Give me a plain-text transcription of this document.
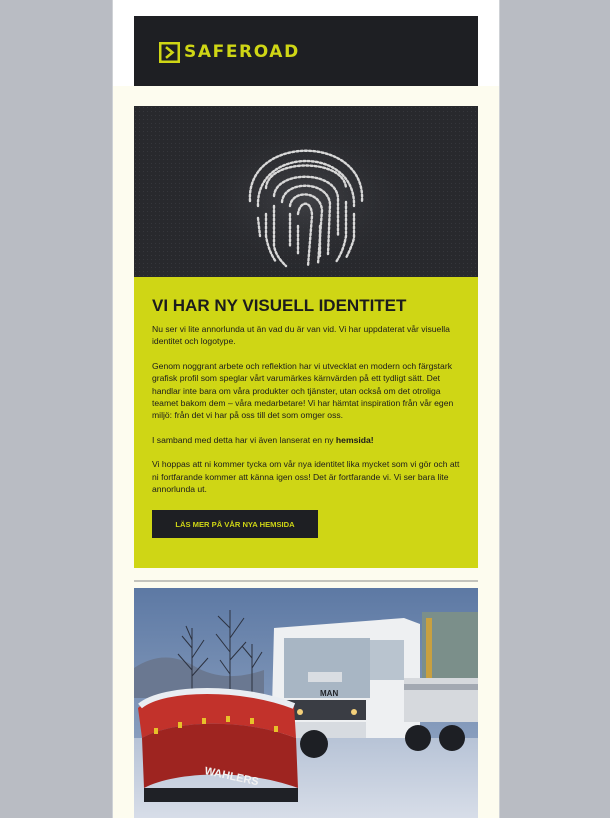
SAFEROAD
VI HAR NY VISUELL IDENTITET

Nu ser vi lite annorlunda ut än vad du är van vid. Vi har uppdaterat vår visuella identitet och logotype.

Genom noggrant arbete och reflektion har vi utvecklat en modern och färgstark grafisk profil som speglar vårt varumärkes kärnvärden på ett tydligt sätt. Det handlar inte bara om våra produkter och tjänster, utan också om det otroliga teamet bakom dem – våra medarbetare! Vi har hämtat inspiration från vår egen miljö: från det vi har på oss till det som omger oss.

I samband med detta har vi även lanserat en ny hemsida!

Vi hoppas att ni kommer tycka om vår nya identitet lika mycket som vi gör och att ni fortfarande kommer att känna igen oss! Det är fortfarande vi. Vi ser bara lite annorlunda ut.

LÄS MER PÅ VÅR NYA HEMSIDA
WAHLERS
MAN
